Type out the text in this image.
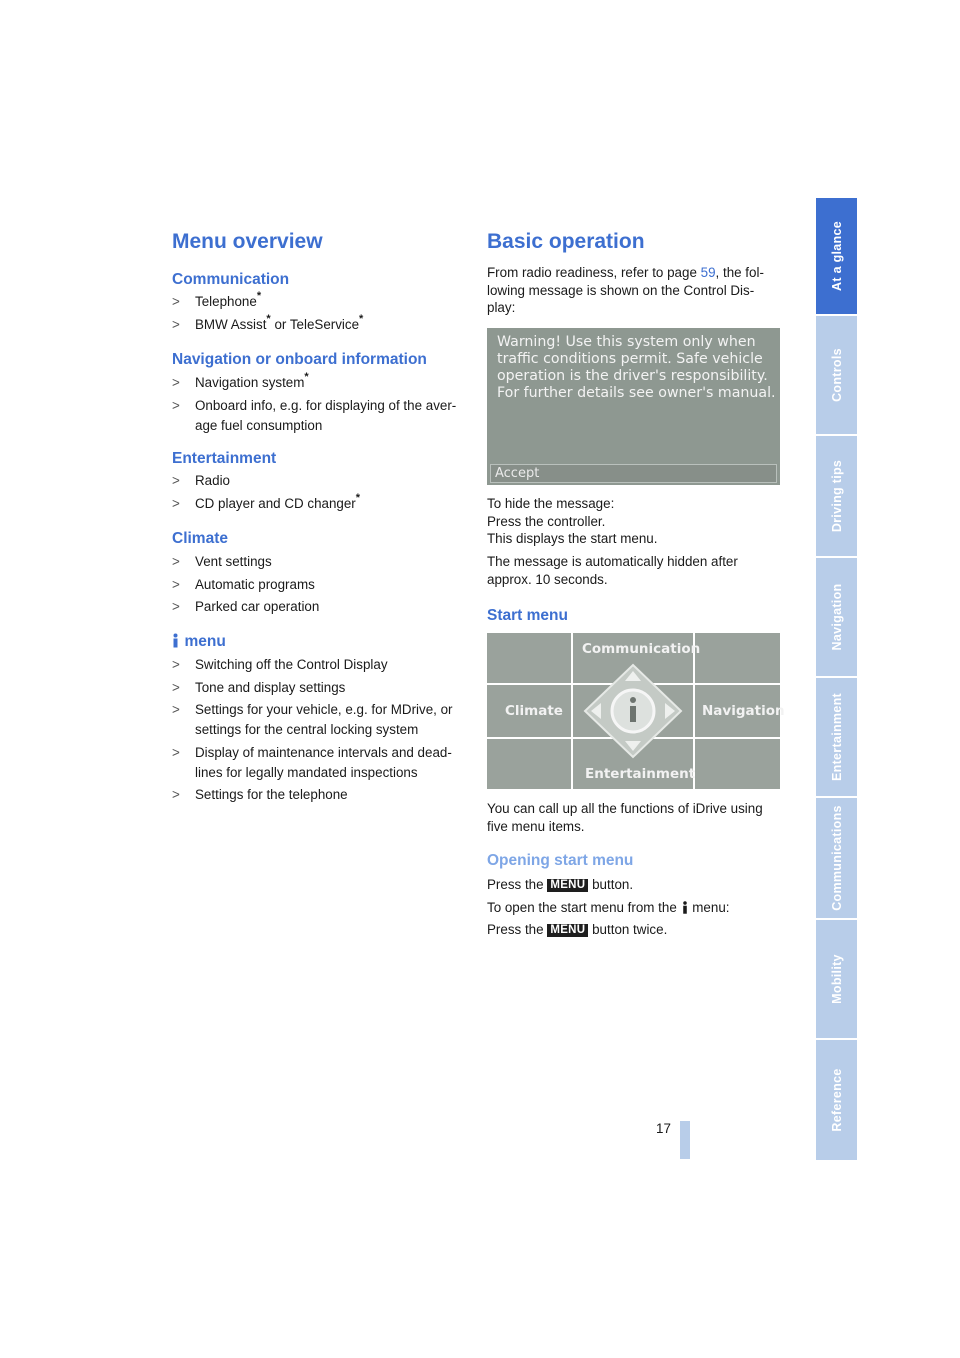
Menu overview
Communication
> Telephone*
> BMW Assist* or TeleService*
Navigation or onboard information
> Navigation system*
> Onboard info, e.g. for displaying of the aver-
age fuel consumption
Entertainment
> Radio
> CD player and CD changer*
Climate
> Vent settings
> Automatic programs
> Parked car operation
menu
> Switching off the Control Display
> Tone and display settings
> Settings for your vehicle, e.g. for MDrive, or
settings for the central locking system
> Display of maintenance intervals and dead-
lines for legally mandated inspections
> Settings for the telephone
Basic operation

From radio readiness, refer to page 59, the fol-
lowing message is shown on the Control Dis-
play:

Warning! Use this system only when
traffic conditions permit. Safe vehicle
operation is the driver's responsibility.
For further details see owner's manual.
Accept

To hide the message:
Press the controller.
This displays the start menu.

The message is automatically hidden after
approx. 10 seconds.

Start menu
Communication
Climate	Navigation
Entertainment

You can call up all the functions of iDrive using
five menu items.

Opening start menu

Press the MENU button.

To open the start menu from the menu:

Press the MENU button twice.

At a glance
Controls
Driving tips
Navigation
Entertainment
Communications
Mobility
Reference
17
